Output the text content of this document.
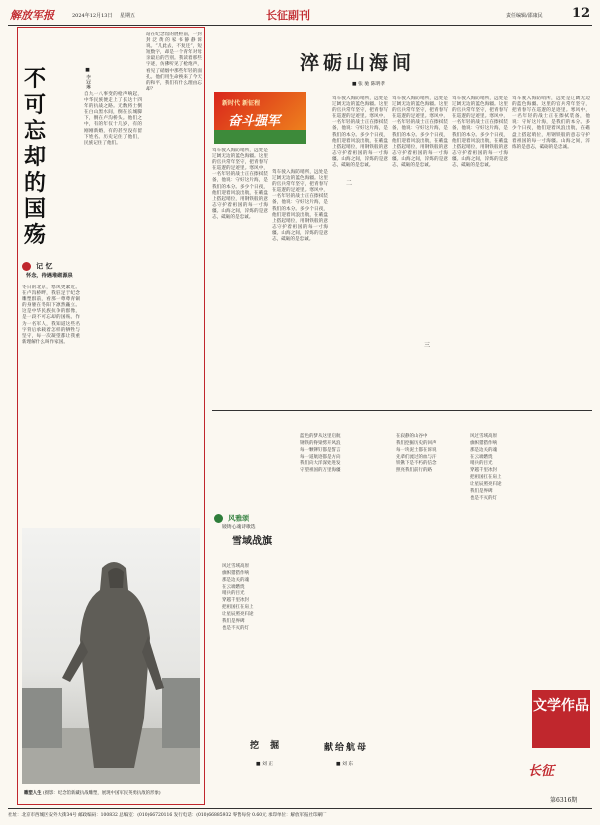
解放军报	2024年12月13日 星期五	长征副刊	责任编辑/邵康民 12
不
可
忘
却
的
国
殇
■ 李冠琳
记 忆
怀念，待遇堆砌源泉
冬日的北京，寒风更紧近。在卢沟桥畔，我驻足于纪念雕塑群前，看那一尊尊青铜的身躯在冬阳下凛然矗立。这是中华民族抗争的群像，是一段不可忘却的国殇。作为一名军人，我知道这些名字背后承载着怎样的牺牲与坚守，每一次凝望都让我重新理解什么叫作家国。
自九一八事变的枪声响起，中华民族便走上了长达十四年的抗战之路。无数将士倒在白山黑水间，倒在长城脚下，倒在卢沟桥头。他们之中，有的年仅十几岁，有的刚刚新婚，有的甚至没有留下姓名。历史记住了他们，民族记住了他们。
站在纪念馆的展柜前，一封封泛黄的家书静静诉说。“儿此去，不复还”，短短数字，却是一个青年对母亲最后的告别。我读着那些字迹，仿佛听见了枪炮声，看见了硝烟中那些年轻的面孔。他们用生命换来了今天的和平，我们有什么理由忘却？
雕塑人生 (摄影：纪念馆新藏抗战雕塑，展现中国军民英勇抗敌的形象)
淬砺山海间
■ 张 驰 陈明孝
新时代 新征程
奋斗强军
驾车驶入海防哨所，远处是辽阔无边的蓝色海疆。这里的官兵常年坚守，把青春写在巡逻的足迹里。寒风中，一名年轻的战士正在擦拭装备，他说：守好这片海，是我们的本分。多少个日夜，他们迎着风浪出航，在礁盘上搭起哨位，用钢铁般的意志守护着祖国的每一寸海疆。山海之间，淬炼的是意志，砥砺的是忠诚。
驾车驶入海防哨所，远处是辽阔无边的蓝色海疆。这里的官兵常年坚守，把青春写在巡逻的足迹里。寒风中，一名年轻的战士正在擦拭装备，他说：守好这片海，是我们的本分。多少个日夜，他们迎着风浪出航，在礁盘上搭起哨位，用钢铁般的意志守护着祖国的每一寸海疆。山海之间，淬炼的是意志，砥砺的是忠诚。
驾车驶入海防哨所，远处是辽阔无边的蓝色海疆。这里的官兵常年坚守，把青春写在巡逻的足迹里。寒风中，一名年轻的战士正在擦拭装备，他说：守好这片海，是我们的本分。多少个日夜，他们迎着风浪出航，在礁盘上搭起哨位，用钢铁般的意志守护着祖国的每一寸海疆。山海之间，淬炼的是意志，砥砺的是忠诚。
驾车驶入海防哨所，远处是辽阔无边的蓝色海疆。这里的官兵常年坚守，把青春写在巡逻的足迹里。寒风中，一名年轻的战士正在擦拭装备，他说：守好这片海，是我们的本分。多少个日夜，他们迎着风浪出航，在礁盘上搭起哨位，用钢铁般的意志守护着祖国的每一寸海疆。山海之间，淬炼的是意志，砥砺的是忠诚。
驾车驶入海防哨所，远处是辽阔无边的蓝色海疆。这里的官兵常年坚守，把青春写在巡逻的足迹里。寒风中，一名年轻的战士正在擦拭装备，他说：守好这片海，是我们的本分。多少个日夜，他们迎着风浪出航，在礁盘上搭起哨位，用钢铁般的意志守护着祖国的每一寸海疆。山海之间，淬炼的是意志，砥砺的是忠诚。
驾车驶入海防哨所，远处是辽阔无边的蓝色海疆。这里的官兵常年坚守，把青春写在巡逻的足迹里。寒风中，一名年轻的战士正在擦拭装备，他说：守好这片海，是我们的本分。多少个日夜，他们迎着风浪出航，在礁盘上搭起哨位，用钢铁般的意志守护着祖国的每一寸海疆。山海之间，淬炼的是意志，砥砺的是忠诚。
二
三
风雅颂
锻铸心魂诗歌选
雪域战旗

风过雪域高原
旗帜猎猎作响
那是边关的魂
在云端燃烧
哨兵的目光
穿越千里冰封
把祖国扛在肩上
让星辰照亮归途
我们是界碑
也是不灭的灯

蓝色的梦从这里启航
钢铁的脊梁劈开风浪
每一颗铆钉都是誓言
每一道航迹都是方向
我们向大洋深处进发
守望祖国的万里海疆

在寂静的山谷中
我们挖掘历史的回声
每一块泥土都在诉说
先辈们流过的血与汗
铁锹下是不朽的信念
照亮我们前行的路

风过雪域高原
旗帜猎猎作响
那是边关的魂
在云端燃烧
哨兵的目光
穿越千里冰封
把祖国扛在肩上
让星辰照亮归途
我们是界碑
也是不灭的灯

挖 掘
■ 刘 正
献给航母
■ 刘 东
文学作品
长征
第6316期
社址：北京市西城区安外大街34号 邮政编码：100832 总编室：(010)66720116 发行电话：(010)66885932 零售每份 0.60元 承印单位：解放军报社印刷厂
